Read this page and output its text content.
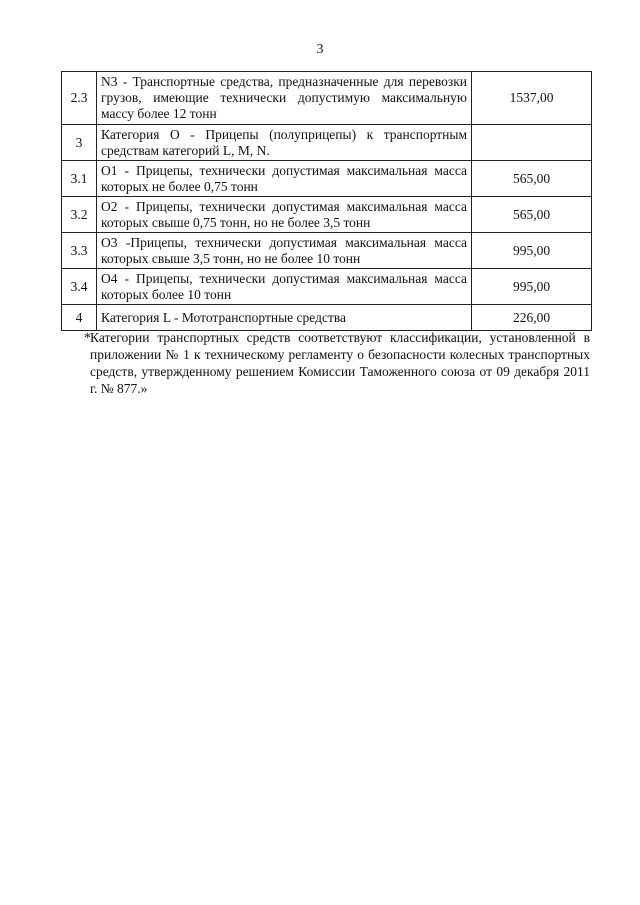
3
2.3	N3 - Транспортные средства, предназначенные для перевозки грузов, имеющие технически допустимую максимальную массу более 12 тонн	1537,00
3	Категория O - Прицепы (полуприцепы) к транспортным средствам категорий L, M, N.	
3.1	O1 - Прицепы, технически допустимая максимальная масса которых не более 0,75 тонн	565,00
3.2	O2 - Прицепы, технически допустимая максимальная масса которых свыше 0,75 тонн, но не более 3,5 тонн	565,00
3.3	O3 -Прицепы, технически допустимая максимальная масса которых свыше 3,5 тонн, но не более 10 тонн	995,00
3.4	O4 - Прицепы, технически допустимая максимальная масса которых более 10 тонн	995,00
4	Категория L - Мототранспортные средства	226,00
* Категории транспортных средств соответствуют классификации, установленной в приложении № 1 к техническому регламенту о безопасности колесных транспортных средств, утвержденному решением Комиссии Таможенного союза от 09 декабря 2011 г. № 877.»
